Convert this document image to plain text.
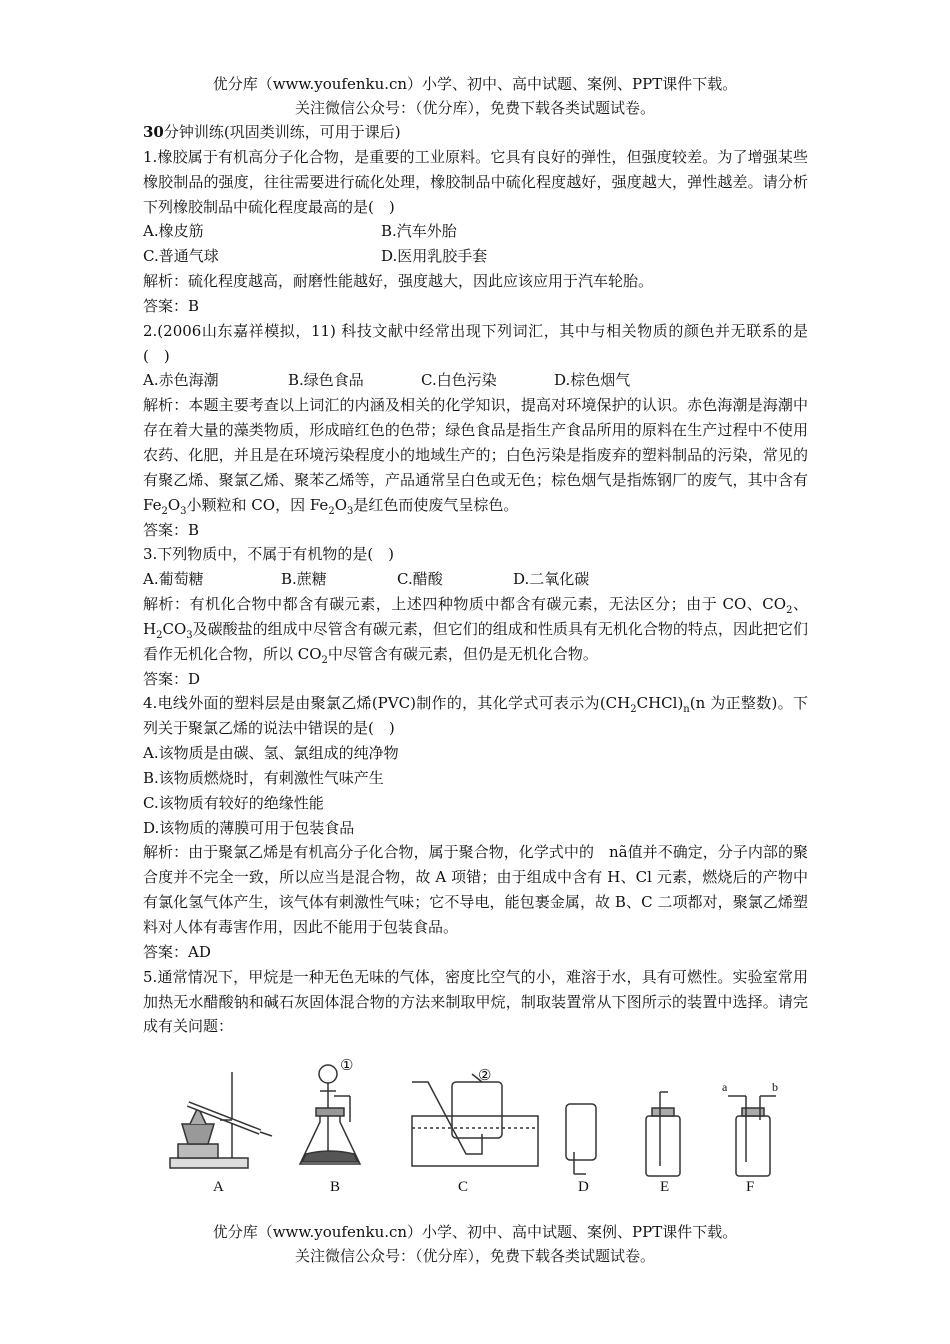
优分库（www.youfenku.cn）小学、初中、高中试题、案例、PPT课件下载。
关注微信公众号：（优分库），免费下载各类试题试卷。

30分钟训练(巩固类训练，可用于课后)

1.橡胶属于有机高分子化合物，是重要的工业原料。它具有良好的弹性，但强度较差。为了增强某些橡胶制品的强度，往往需要进行硫化处理，橡胶制品中硫化程度越好，强度越大，弹性越差。请分析下列橡胶制品中硫化程度最高的是(　)

A.橡皮筋	B.汽车外胎

C.普通气球	D.医用乳胶手套

解析：硫化程度越高，耐磨性能越好，强度越大，因此应该应用于汽车轮胎。

答案：B

2.(2006山东嘉祥模拟，11) 科技文献中经常出现下列词汇，其中与相关物质的颜色并无联系的是(　)

A.赤色海潮	B.绿色食品	C.白色污染	D.棕色烟气

解析：本题主要考查以上词汇的内涵及相关的化学知识，提高对环境保护的认识。赤色海潮是海潮中存在着大量的藻类物质，形成暗红色的色带；绿色食品是指生产食品所用的原料在生产过程中不使用农药、化肥，并且是在环境污染程度小的地域生产的；白色污染是指废弃的塑料制品的污染，常见的有聚乙烯、聚氯乙烯、聚苯乙烯等，产品通常呈白色或无色；棕色烟气是指炼钢厂的废气，其中含有 $Fe_2O_3$小颗粒和 CO，因 $Fe_2O_3$是红色而使废气呈棕色。

答案：B

3.下列物质中，不属于有机物的是(　)

A.葡萄糖	B.蔗糖	C.醋酸	D.二氧化碳

解析：有机化合物中都含有碳元素，上述四种物质中都含有碳元素，无法区分；由于 CO、$CO_2$、$H_2CO_3$及碳酸盐的组成中尽管含有碳元素，但它们的组成和性质具有无机化合物的特点，因此把它们看作无机化合物，所以 $CO_2$中尽管含有碳元素，但仍是无机化合物。

答案：D

4.电线外面的塑料层是由聚氯乙烯(PVC)制作的，其化学式可表示为$(CH_2CHCl)_n(n$ 为正整数)。下列关于聚氯乙烯的说法中错误的是(　)

A.该物质是由碳、氢、氯组成的纯净物

B.该物质燃烧时，有刺激性气味产生

C.该物质有较好的绝缘性能

D.该物质的薄膜可用于包装食品

解析：由于聚氯乙烯是有机高分子化合物，属于聚合物，化学式中的　nã值并不确定，分子内部的聚合度并不完全一致，所以应当是混合物，故 A 项错；由于组成中含有 H、Cl 元素，燃烧后的产物中有氯化氢气体产生，该气体有刺激性气味；它不导电，能包裹金属，故 B、C 二项都对，聚氯乙烯塑料对人体有毒害作用，因此不能用于包装食品。

答案：AD

5.通常情况下，甲烷是一种无色无味的气体，密度比空气的小，难溶于水，具有可燃性。实验室常用加热无水醋酸钠和碱石灰固体混合物的方法来制取甲烷，制取装置常从下图所示的装置中选择。请完成有关问题：

A	B	C	D	E	F
①
②
a	b
优分库（www.youfenku.cn）小学、初中、高中试题、案例、PPT课件下载。
关注微信公众号：（优分库），免费下载各类试题试卷。
